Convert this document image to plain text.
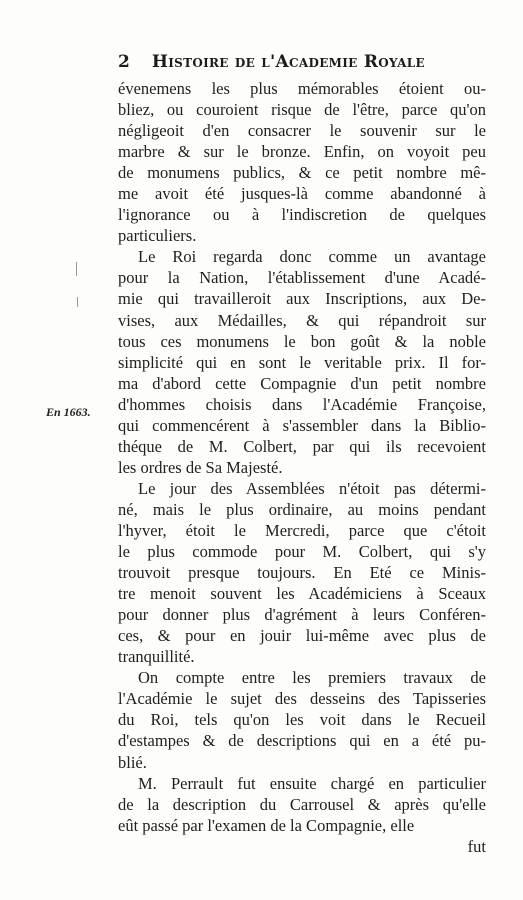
2 Histoire de l'Academie Royale
En 1663.
évenemens les plus mémorables étoient ou-
bliez, ou couroient risque de l'être, parce qu'on
négligeoit d'en consacrer le souvenir sur le
marbre & sur le bronze. Enfin, on voyoit peu
de monumens publics, & ce petit nombre mê-
me avoit été jusques-là comme abandonné à
l'ignorance ou à l'indiscretion de quelques
particuliers.
Le Roi regarda donc comme un avantage
pour la Nation, l'établissement d'une Acadé-
mie qui travailleroit aux Inscriptions, aux De-
vises, aux Médailles, & qui répandroit sur
tous ces monumens le bon goût & la noble
simplicité qui en sont le veritable prix. Il for-
ma d'abord cette Compagnie d'un petit nombre
d'hommes choisis dans l'Académie Françoise,
qui commencérent à s'assembler dans la Biblio-
théque de M. Colbert, par qui ils recevoient
les ordres de Sa Majesté.
Le jour des Assemblées n'étoit pas détermi-
né, mais le plus ordinaire, au moins pendant
l'hyver, étoit le Mercredi, parce que c'étoit
le plus commode pour M. Colbert, qui s'y
trouvoit presque toujours. En Eté ce Minis-
tre menoit souvent les Académiciens à Sceaux
pour donner plus d'agrément à leurs Conféren-
ces, & pour en jouir lui-même avec plus de
tranquillité.
On compte entre les premiers travaux de
l'Académie le sujet des desseins des Tapisseries
du Roi, tels qu'on les voit dans le Recueil
d'estampes & de descriptions qui en a été pu-
blié.
M. Perrault fut ensuite chargé en particulier
de la description du Carrousel & après qu'elle
eût passé par l'examen de la Compagnie, elle
fut
